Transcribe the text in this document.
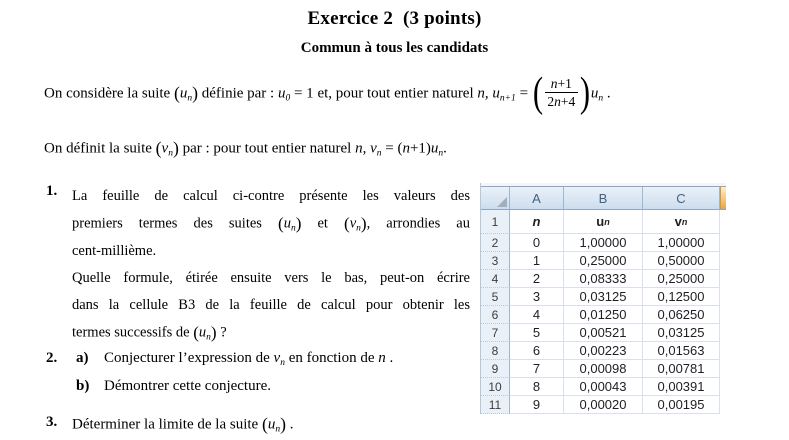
Exercice 2  (3 points)
Commun à tous les candidats
On considère la suite $(u_n)$ définie par : $u_0 = 1$ et, pour tout entier naturel n, $u_{n+1}$ = ( $\frac{n+1}{2n+4} )u_n$ .
On définit la suite $(v_n)$ par : pour tout entier naturel n, $v_n = (n+1)u_n$.
1. La feuille de calcul ci-contre présente les valeurs des
premiers termes des suites $(u_n)$ et $(v_n)$, arrondies au
cent-millième.
Quelle formule, étirée ensuite vers le bas, peut-on écrire
dans la cellule B3 de la feuille de calcul pour obtenir les
termes successifs de $(u_n)$ ?
2. a) Conjecturer l’expression de $v_n$ en fonction de n .
b) Démontrer cette conjecture.
3. Déterminer la limite de la suite $(u_n)$ .
A	B	C
1	n	u n	v n
2	0	1,00000	1,00000
3	1	0,25000	0,50000
4	2	0,08333	0,25000
5	3	0,03125	0,12500
6	4	0,01250	0,06250
7	5	0,00521	0,03125
8	6	0,00223	0,01563
9	7	0,00098	0,00781
10	8	0,00043	0,00391
11	9	0,00020	0,00195
